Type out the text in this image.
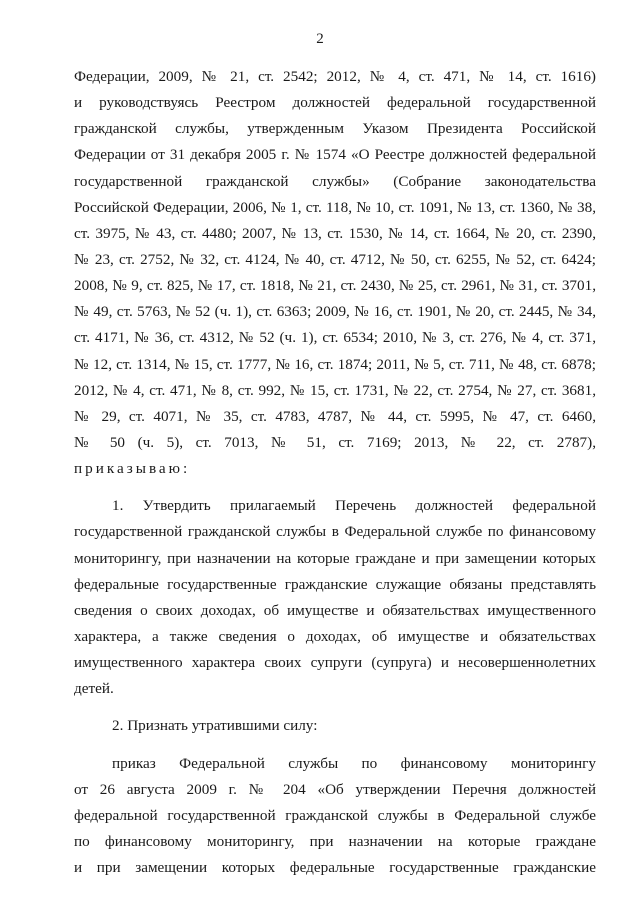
2
Федерации, 2009, № 21, ст. 2542; 2012, № 4, ст. 471, № 14, ст. 1616)
и руководствуясь Реестром должностей федеральной государственной
гражданской службы, утвержденным Указом Президента Российской
Федерации от 31 декабря 2005 г. № 1574 «О Реестре должностей федеральной
государственной гражданской службы» (Собрание законодательства
Российской Федерации, 2006, № 1, ст. 118, № 10, ст. 1091, № 13, ст. 1360, № 38,
ст. 3975, № 43, ст. 4480; 2007, № 13, ст. 1530, № 14, ст. 1664, № 20, ст. 2390,
№ 23, ст. 2752, № 32, ст. 4124, № 40, ст. 4712, № 50, ст. 6255, № 52, ст. 6424;
2008, № 9, ст. 825, № 17, ст. 1818, № 21, ст. 2430, № 25, ст. 2961, № 31, ст. 3701,
№ 49, ст. 5763, № 52 (ч. 1), ст. 6363; 2009, № 16, ст. 1901, № 20, ст. 2445, № 34,
ст. 4171, № 36, ст. 4312, № 52 (ч. 1), ст. 6534; 2010, № 3, ст. 276, № 4, ст. 371,
№ 12, ст. 1314, № 15, ст. 1777, № 16, ст. 1874; 2011, № 5, ст. 711, № 48, ст. 6878;
2012, № 4, ст. 471, № 8, ст. 992, № 15, ст. 1731, № 22, ст. 2754, № 27, ст. 3681,
№ 29, ст. 4071, № 35, ст. 4783, 4787, № 44, ст. 5995, № 47, ст. 6460,
№ 50 (ч. 5), ст. 7013, № 51, ст. 7169; 2013, № 22, ст. 2787),
приказываю:
1. Утвердить прилагаемый Перечень должностей федеральной
государственной гражданской службы в Федеральной службе по финансовому
мониторингу, при назначении на которые граждане и при замещении которых
федеральные государственные гражданские служащие обязаны представлять
сведения о своих доходах, об имуществе и обязательствах имущественного
характера, а также сведения о доходах, об имуществе и обязательствах
имущественного характера своих супруги (супруга) и несовершеннолетних
детей.
2. Признать утратившими силу:
приказ Федеральной службы по финансовому мониторингу
от 26 августа 2009 г. № 204 «Об утверждении Перечня должностей
федеральной государственной гражданской службы в Федеральной службе
по финансовому мониторингу, при назначении на которые граждане
и при замещении которых федеральные государственные гражданские
